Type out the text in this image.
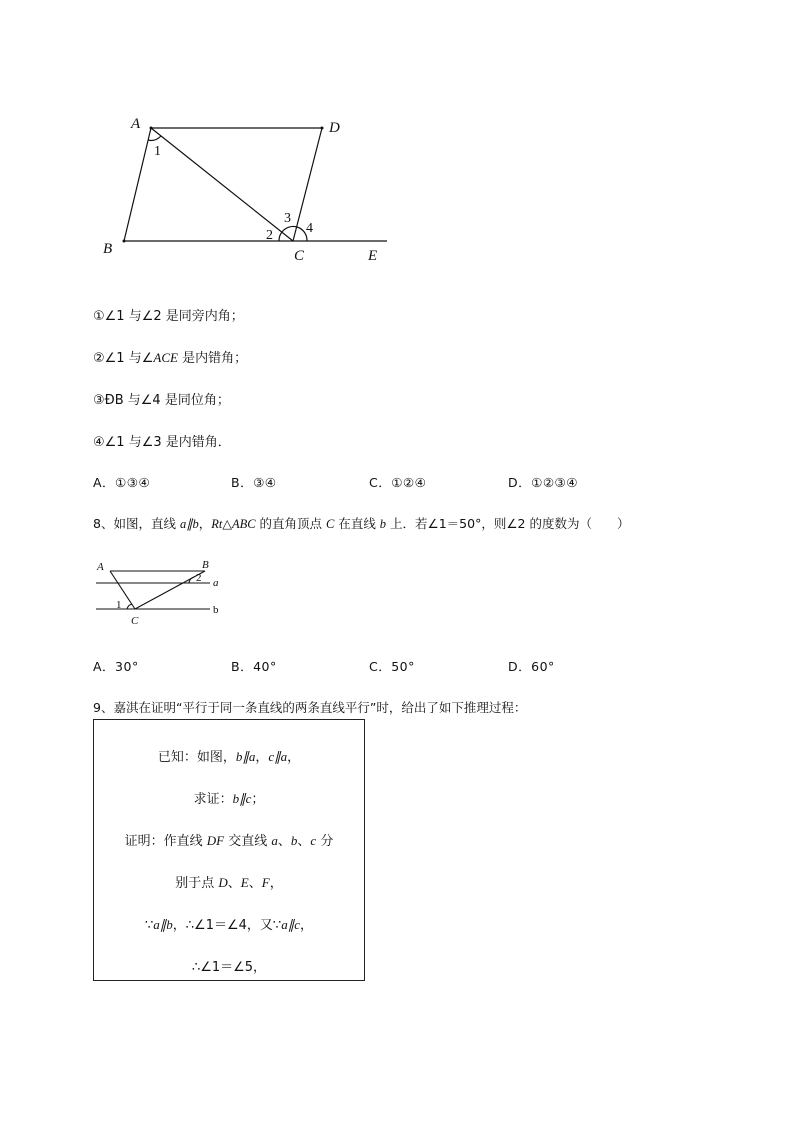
A	D
B	C	E
1
2
3
4
①∠1 与∠2 是同旁内角；
②∠1 与∠ACE 是内错角；
③ÐB 与∠4 是同位角；
④∠1 与∠3 是内错角．
A．①③④	B．③④	C．①②④	D．①②③④
8、如图，直线 a∥b，Rt△ABC 的直角顶点 C 在直线 b 上．若∠1＝50°，则∠2 的度数为（　　）
A	B
C
a
b
1
2
A．30°	B．40°	C．50°	D．60°
9、嘉淇在证明“平行于同一条直线的两条直线平行”时，给出了如下推理过程：
已知：如图，b∥a，c∥a，
求证：b∥c；
证明：作直线 DF 交直线 a、b、c 分
别于点 D、E、F，
∵a∥b，∴∠1＝∠4，又∵a∥c，
∴∠1＝∠5，
